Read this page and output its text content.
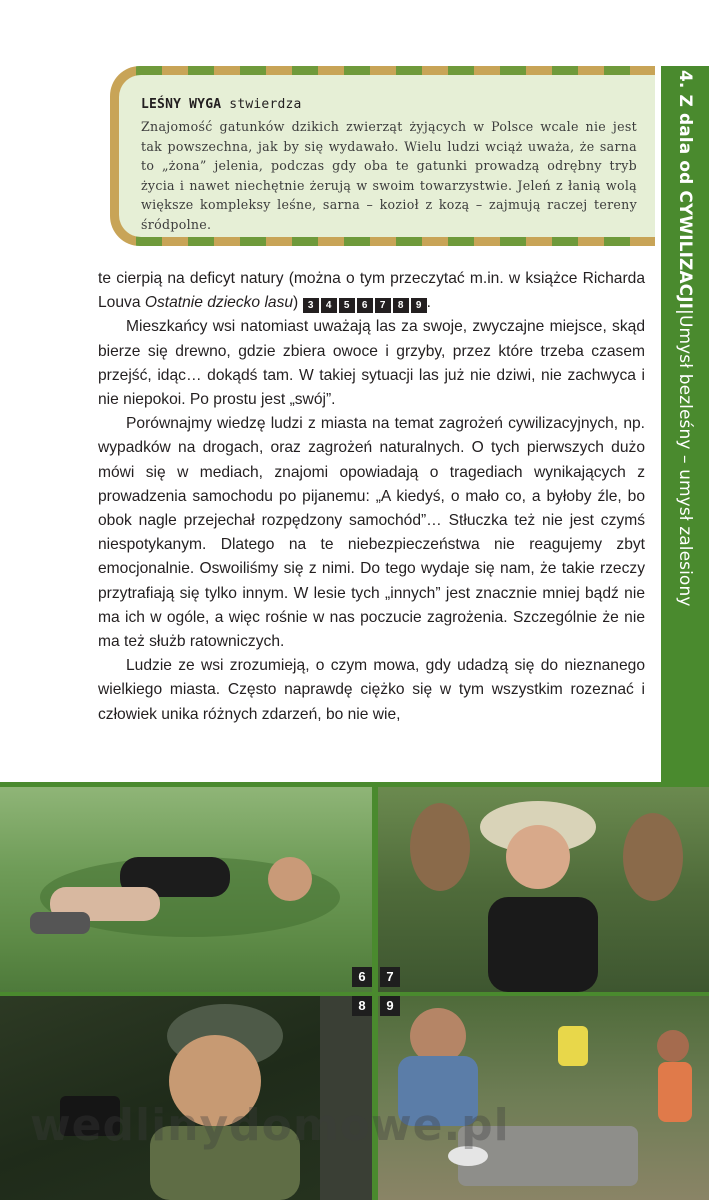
4. Z dala od CYWILIZACJI|Umysł bezleśny – umysł zalesiony
LEŚNY WYGA stwierdza
Znajomość gatunków dzikich zwierząt żyjących w Polsce wcale nie jest tak powszechna, jak by się wydawało. Wielu ludzi wciąż uważa, że sarna to „żona” jelenia, podczas gdy oba te gatunki prowadzą odrębny tryb życia i nawet niechętnie żerują w swoim towarzystwie. Jeleń z łanią wolą większe kompleksy leśne, sarna – kozioł z kozą – zajmują raczej tereny śródpolne.

te cierpią na deficyt natury (można o tym przeczytać m.in. w książce Richarda Louva Ostatnie dziecko lasu) 3	4	5	6	7	8	9 .

Mieszkańcy wsi natomiast uważają las za swoje, zwyczajne miejsce, skąd bierze się drewno, gdzie zbiera owoce i grzyby, przez które trzeba czasem przejść, idąc… dokądś tam. W takiej sytuacji las już nie dziwi, nie zachwyca i nie niepokoi. Po prostu jest „swój”.

Porównajmy wiedzę ludzi z miasta na temat zagrożeń cywilizacyjnych, np. wypadków na drogach, oraz zagrożeń naturalnych. O tych pierwszych dużo mówi się w mediach, znajomi opowiadają o tragediach wynikających z prowadzenia samochodu po pijanemu: „A kiedyś, o mało co, a byłoby źle, bo obok nagle przejechał rozpędzony samochód”… Stłuczka też nie jest czymś niespotykanym. Dlatego na te niebezpieczeństwa nie reagujemy zbyt emocjonalnie. Oswoiliśmy się z nimi. Do tego wydaje się nam, że takie rzeczy przytrafiają się tylko innym. W lesie tych „innych” jest znacznie mniej bądź nie ma ich w ogóle, a więc rośnie w nas poczucie zagrożenia. Szczególnie że nie ma też służb ratowniczych.

Ludzie ze wsi zrozumieją, o czym mowa, gdy udadzą się do nieznanego wielkiego miasta. Często naprawdę ciężko się w tym wszystkim rozeznać i człowiek unika różnych zdarzeń, bo nie wie,

6	7
8	9
wedlinydomowe.pl
